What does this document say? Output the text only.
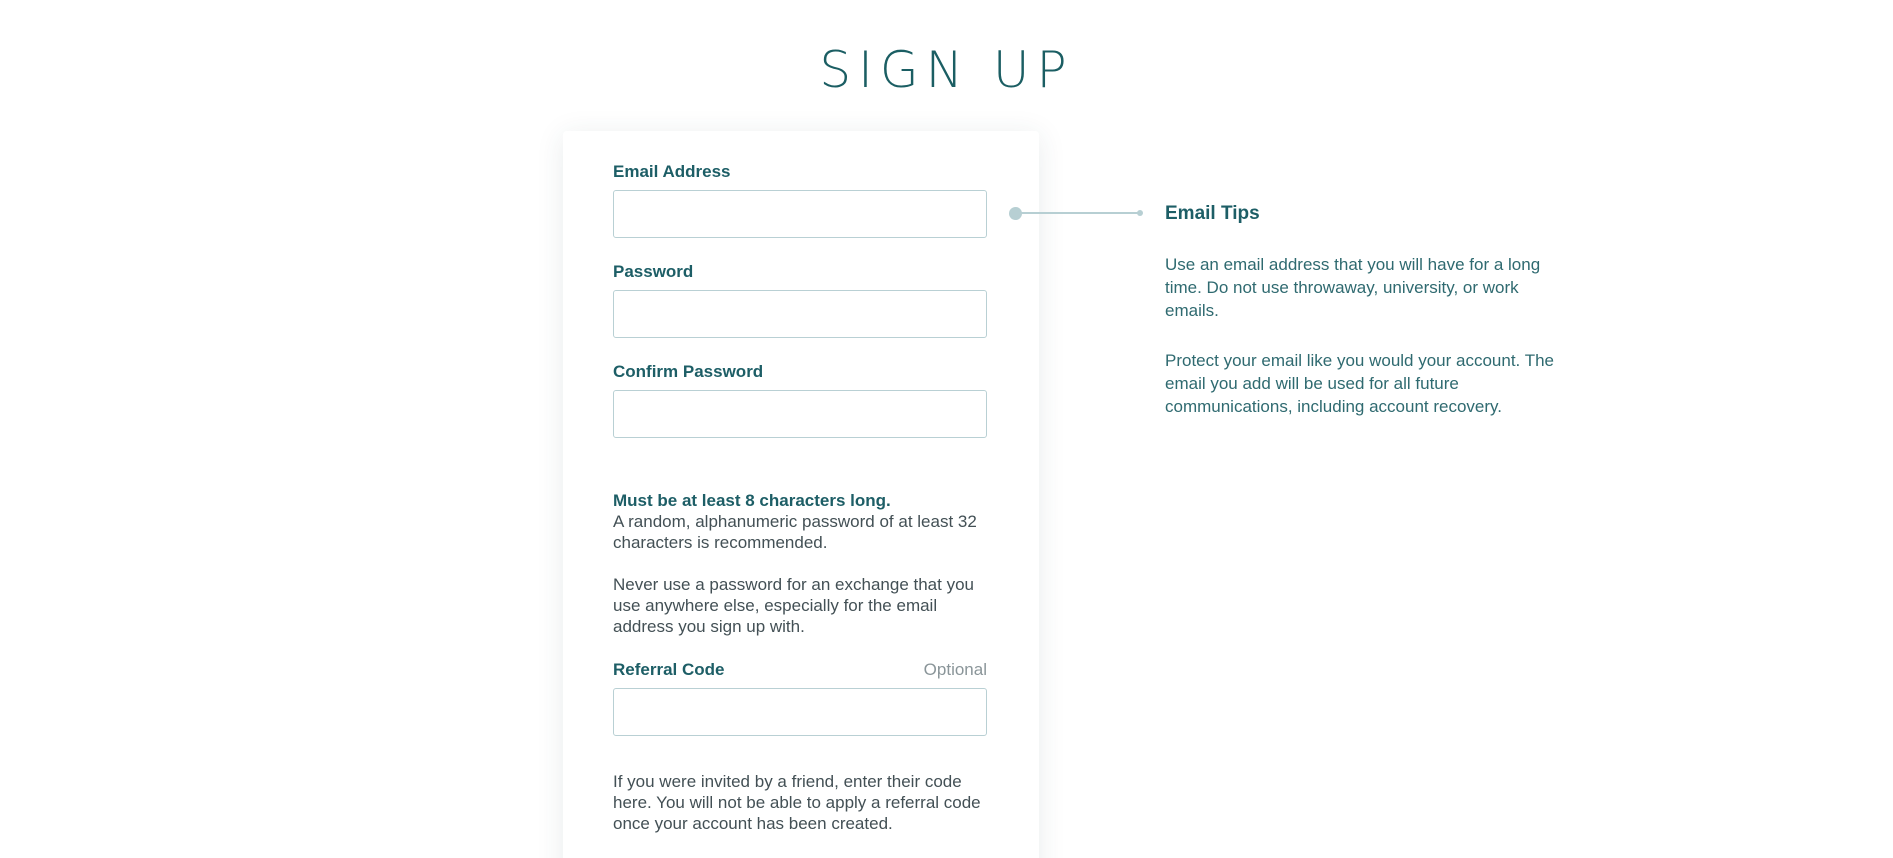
SIGN UP
Email Address
Password
Confirm Password
Must be at least 8 characters long.
A random, alphanumeric password of at least 32 characters is recommended.
Never use a password for an exchange that you use anywhere else, especially for the email address you sign up with.
Referral Code	Optional
If you were invited by a friend, enter their code here. You will not be able to apply a referral code once your account has been created.
Email Tips
Use an email address that you will have for a long time. Do not use throwaway, university, or work emails.
Protect your email like you would your account. The email you add will be used for all future communications, including account recovery.
